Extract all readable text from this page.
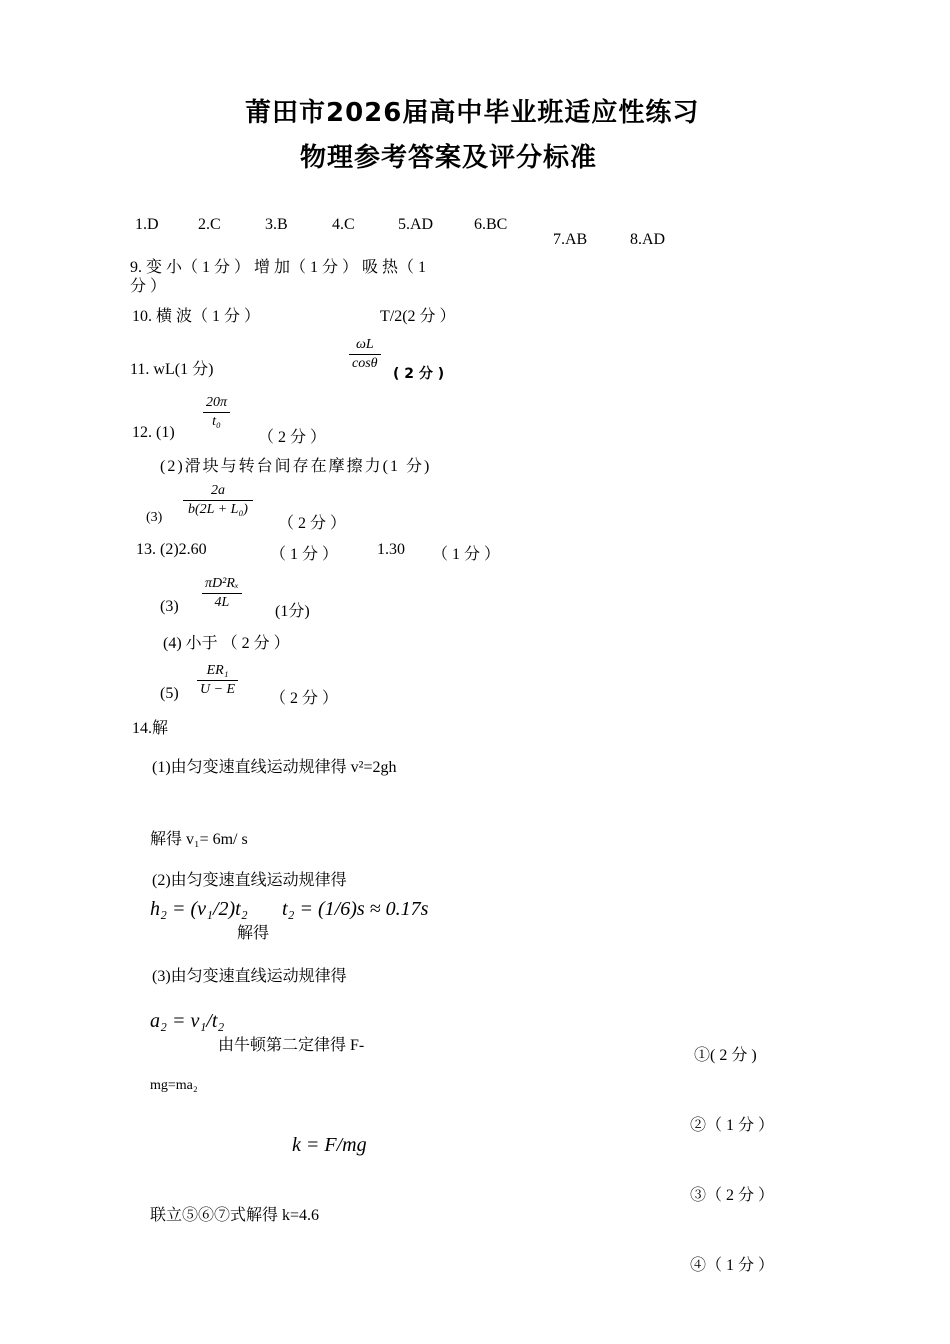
莆田市2026届高中毕业班适应性练习
物理参考答案及评分标准
1.D 2.C	3.B	4.C	5.AD	6.BC
7.AB	8.AD
9. 变 小（ 1 分 ） 增 加（ 1 分 ） 吸 热（ 1
分 ）
10. 横 波（ 1 分 ）	T/2(2 分 ）
11. wL(1 分)
ωL
cosθ
( 2 分 )
12. (1)
20π
t₀
（ 2 分 ）
(2)滑块与转台间存在摩擦力(1 分)
(3)
2a
b(2L + L₀)
（ 2 分 ）
13. (2)2.60	（ 1 分 ） 1.30 （ 1 分 ）
(3)
πD²Rₓ
4L
(1分)
(4) 小于 （ 2 分 ）
(5)
ER₁
U − E
（ 2 分 ）
14.解
(1)由匀变速直线运动规律得 v²=2gh
解得 v₁= 6m/ s
(2)由匀变速直线运动规律得
h₂ = (v₁/2)t₂
解得
t₂ = (1/6)s ≈ 0.17s
(3)由匀变速直线运动规律得
a₂ = v₁/t₂
由牛顿第二定律得 F-
mg=ma₂
k = F/mg
联立⑤⑥⑦式解得 k=4.6
①( 2 分 )
②（ 1 分 ）
③（ 2 分 ）
④（ 1 分 ）
